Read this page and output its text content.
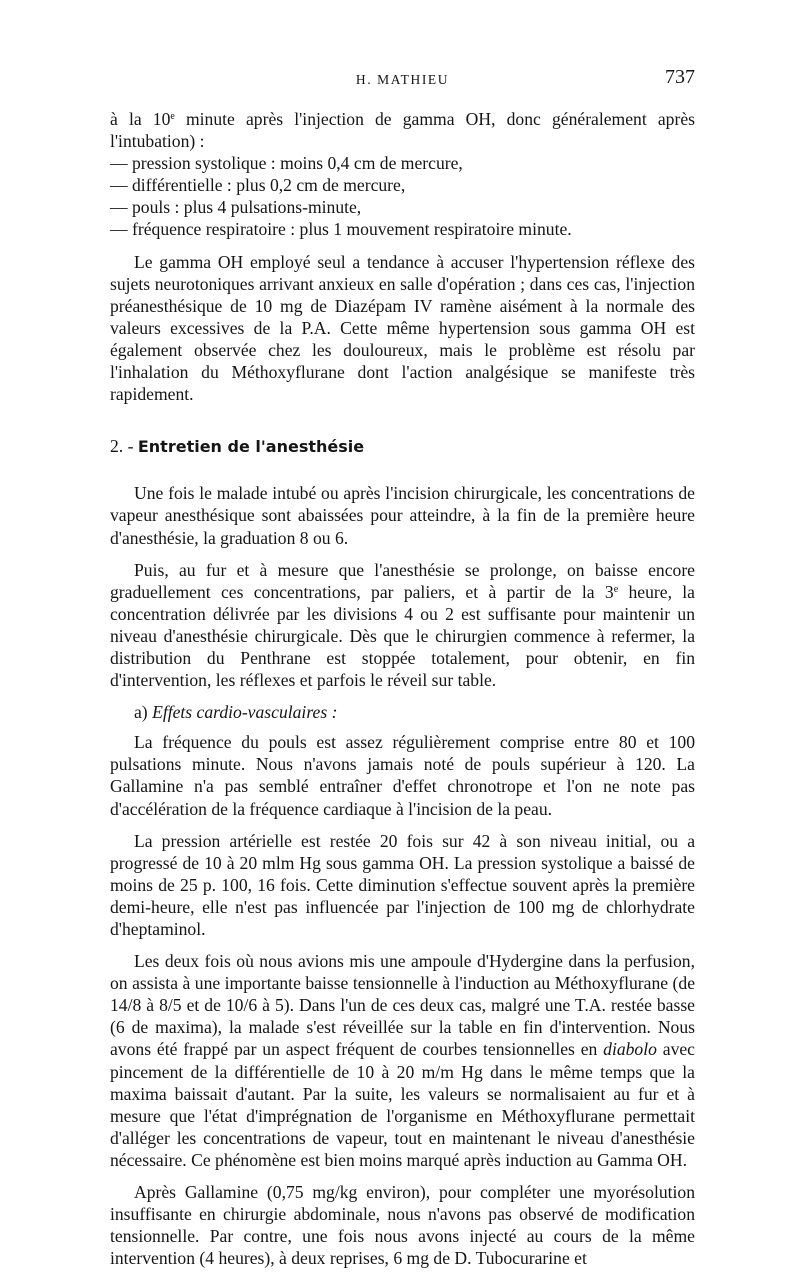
H. MATHIEU	737

à la 10e minute après l'injection de gamma OH, donc généralement après l'intubation) :

— pression systolique : moins 0,4 cm de mercure,
— différentielle : plus 0,2 cm de mercure,
— pouls : plus 4 pulsations-minute,
— fréquence respiratoire : plus 1 mouvement respiratoire minute.

Le gamma OH employé seul a tendance à accuser l'hypertension réflexe des sujets neurotoniques arrivant anxieux en salle d'opération ; dans ces cas, l'injection préanesthésique de 10 mg de Diazépam IV ramène aisément à la normale des valeurs excessives de la P.A. Cette même hypertension sous gamma OH est également observée chez les douloureux, mais le problème est résolu par l'inhalation du Méthoxyflurane dont l'action analgésique se manifeste très rapidement.

2. - Entretien de l'anesthésie

Une fois le malade intubé ou après l'incision chirurgicale, les concentrations de vapeur anesthésique sont abaissées pour atteindre, à la fin de la première heure d'anesthésie, la graduation 8 ou 6.

Puis, au fur et à mesure que l'anesthésie se prolonge, on baisse encore graduellement ces concentrations, par paliers, et à partir de la 3e heure, la concentration délivrée par les divisions 4 ou 2 est suffisante pour maintenir un niveau d'anesthésie chirurgicale. Dès que le chirurgien commence à refermer, la distribution du Penthrane est stoppée totalement, pour obtenir, en fin d'intervention, les réflexes et parfois le réveil sur table.

a) Effets cardio-vasculaires :

La fréquence du pouls est assez régulièrement comprise entre 80 et 100 pulsations minute. Nous n'avons jamais noté de pouls supérieur à 120. La Gallamine n'a pas semblé entraîner d'effet chronotrope et l'on ne note pas d'accélération de la fréquence cardiaque à l'incision de la peau.

La pression artérielle est restée 20 fois sur 42 à son niveau initial, ou a progressé de 10 à 20 mlm Hg sous gamma OH. La pression systolique a baissé de moins de 25 p. 100, 16 fois. Cette diminution s'effectue souvent après la première demi-heure, elle n'est pas influencée par l'injection de 100 mg de chlorhydrate d'heptaminol.

Les deux fois où nous avions mis une ampoule d'Hydergine dans la perfusion, on assista à une importante baisse tensionnelle à l'induction au Méthoxyflurane (de 14/8 à 8/5 et de 10/6 à 5). Dans l'un de ces deux cas, malgré une T.A. restée basse (6 de maxima), la malade s'est réveillée sur la table en fin d'intervention. Nous avons été frappé par un aspect fréquent de courbes tensionnelles en diabolo avec pincement de la différentielle de 10 à 20 m/m Hg dans le même temps que la maxima baissait d'autant. Par la suite, les valeurs se normalisaient au fur et à mesure que l'état d'imprégnation de l'organisme en Méthoxyflurane permettait d'alléger les concentrations de vapeur, tout en maintenant le niveau d'anesthésie nécessaire. Ce phénomène est bien moins marqué après induction au Gamma OH.

Après Gallamine (0,75 mg/kg environ), pour compléter une myorésolution insuffisante en chirurgie abdominale, nous n'avons pas observé de modification tensionnelle. Par contre, une fois nous avons injecté au cours de la même intervention (4 heures), à deux reprises, 6 mg de D. Tubocurarine et
